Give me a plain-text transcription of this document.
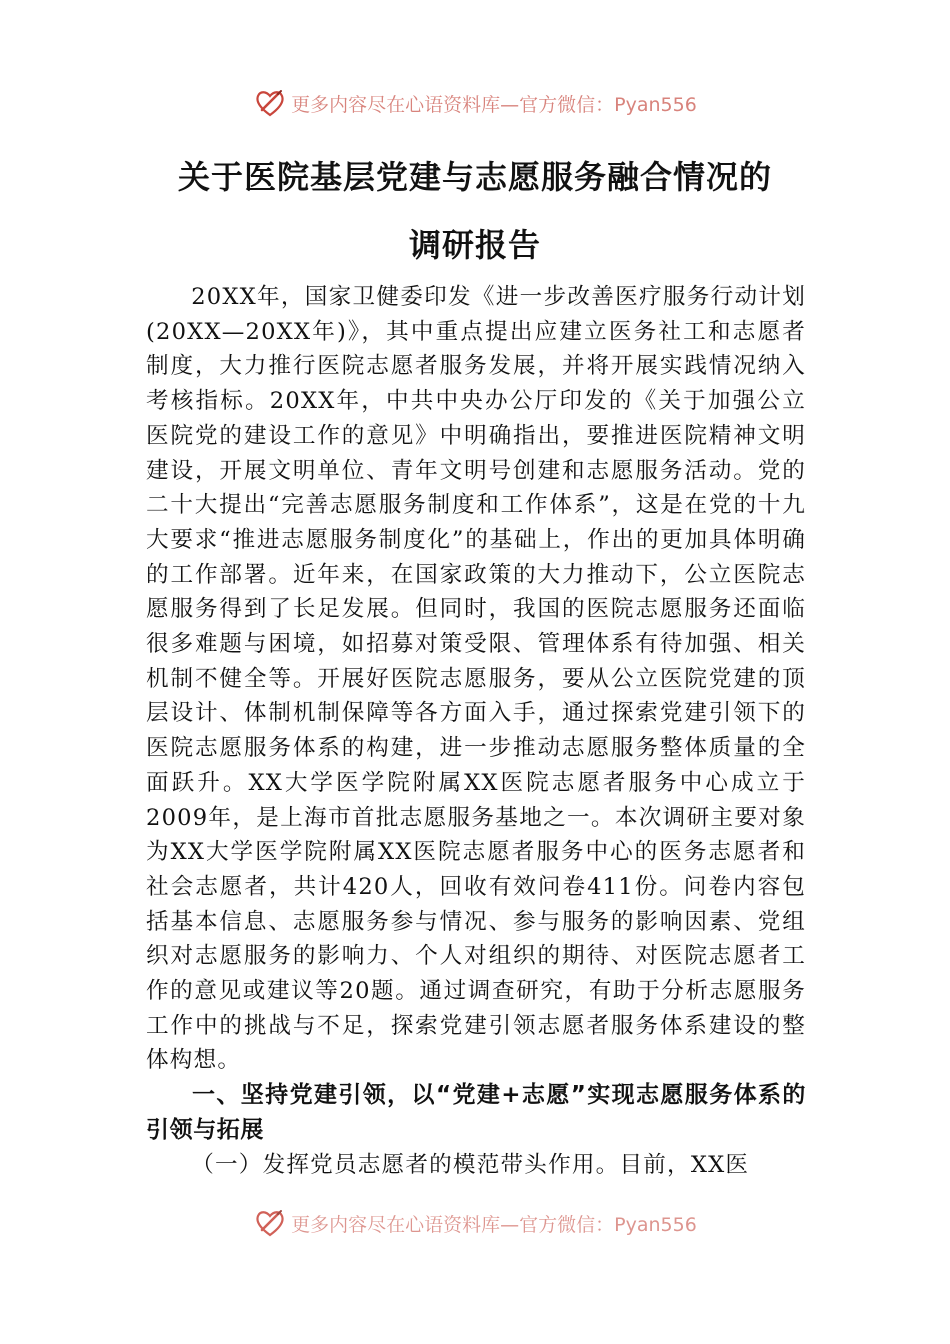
更多内容尽在心语资料库—官方微信：Pyan556
关于医院基层党建与志愿服务融合情况的
调研报告

20XX年，国家卫健委印发《进一步改善医疗服务行动计划(20XX—20XX年)》，其中重点提出应建立医务社工和志愿者制度，大力推行医院志愿者服务发展，并将开展实践情况纳入考核指标。20XX年，中共中央办公厅印发的《关于加强公立医院党的建设工作的意见》中明确指出，要推进医院精神文明建设，开展文明单位、青年文明号创建和志愿服务活动。党的二十大提出“完善志愿服务制度和工作体系”，这是在党的十九大要求“推进志愿服务制度化”的基础上，作出的更加具体明确的工作部署。近年来，在国家政策的大力推动下，公立医院志愿服务得到了长足发展。但同时，我国的医院志愿服务还面临很多难题与困境，如招募对策受限、管理体系有待加强、相关机制不健全等。开展好医院志愿服务，要从公立医院党建的顶层设计、体制机制保障等各方面入手，通过探索党建引领下的医院志愿服务体系的构建，进一步推动志愿服务整体质量的全面跃升。XX大学医学院附属XX医院志愿者服务中心成立于2009年，是上海市首批志愿服务基地之一。本次调研主要对象为XX大学医学院附属XX医院志愿者服务中心的医务志愿者和社会志愿者，共计420人，回收有效问卷411份。问卷内容包括基本信息、志愿服务参与情况、参与服务的影响因素、党组织对志愿服务的影响力、个人对组织的期待、对医院志愿者工作的意见或建议等20题。通过调查研究，有助于分析志愿服务工作中的挑战与不足，探索党建引领志愿者服务体系建设的整体构想。

一、坚持党建引领，以“党建+志愿”实现志愿服务体系的引领与拓展

（一）发挥党员志愿者的模范带头作用。目前，XX医

更多内容尽在心语资料库—官方微信：Pyan556
